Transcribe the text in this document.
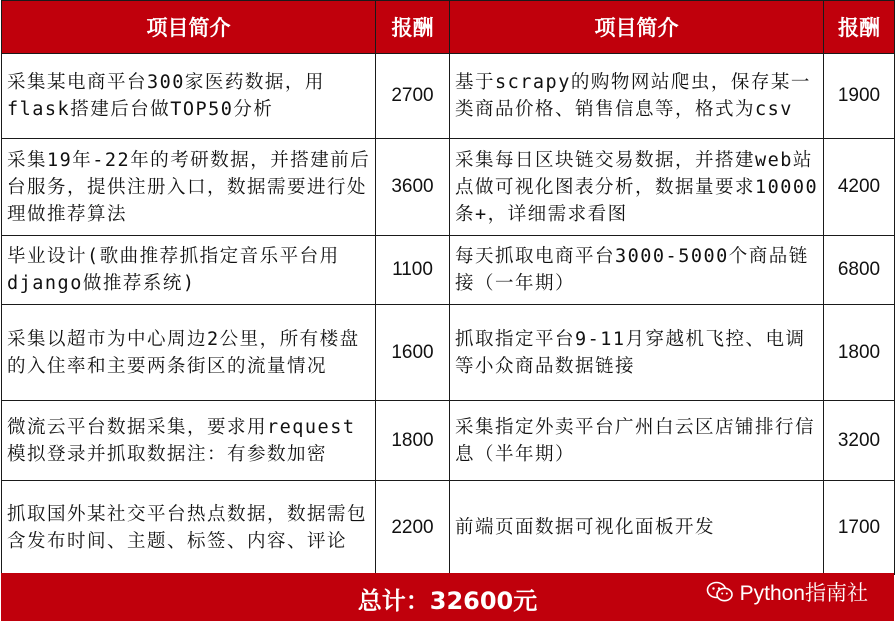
项目简介	报酬	项目简介	报酬
采集某电商平台300家医药数据，用flask搭建后台做TOP50分析	2700	基于scrapy的购物网站爬虫，保存某一类商品价格、销售信息等，格式为csv	1900
采集19年-22年的考研数据，并搭建前后台服务，提供注册入口，数据需要进行处理做推荐算法	3600	采集每日区块链交易数据，并搭建web站点做可视化图表分析，数据量要求10000条+，详细需求看图	4200
毕业设计(歌曲推荐抓指定音乐平台用django做推荐系统)	1100	每天抓取电商平台3000-5000个商品链接（一年期）	6800
采集以超市为中心周边2公里，所有楼盘的入住率和主要两条街区的流量情况	1600	抓取指定平台9-11月穿越机飞控、电调等小众商品数据链接	1800
微流云平台数据采集，要求用request模拟登录并抓取数据注：有参数加密	1800	采集指定外卖平台广州白云区店铺排行信息（半年期）	3200
抓取国外某社交平台热点数据，数据需包含发布时间、主题、标签、内容、评论	2200	前端页面数据可视化面板开发	1700
总计：32600元	Python指南社
